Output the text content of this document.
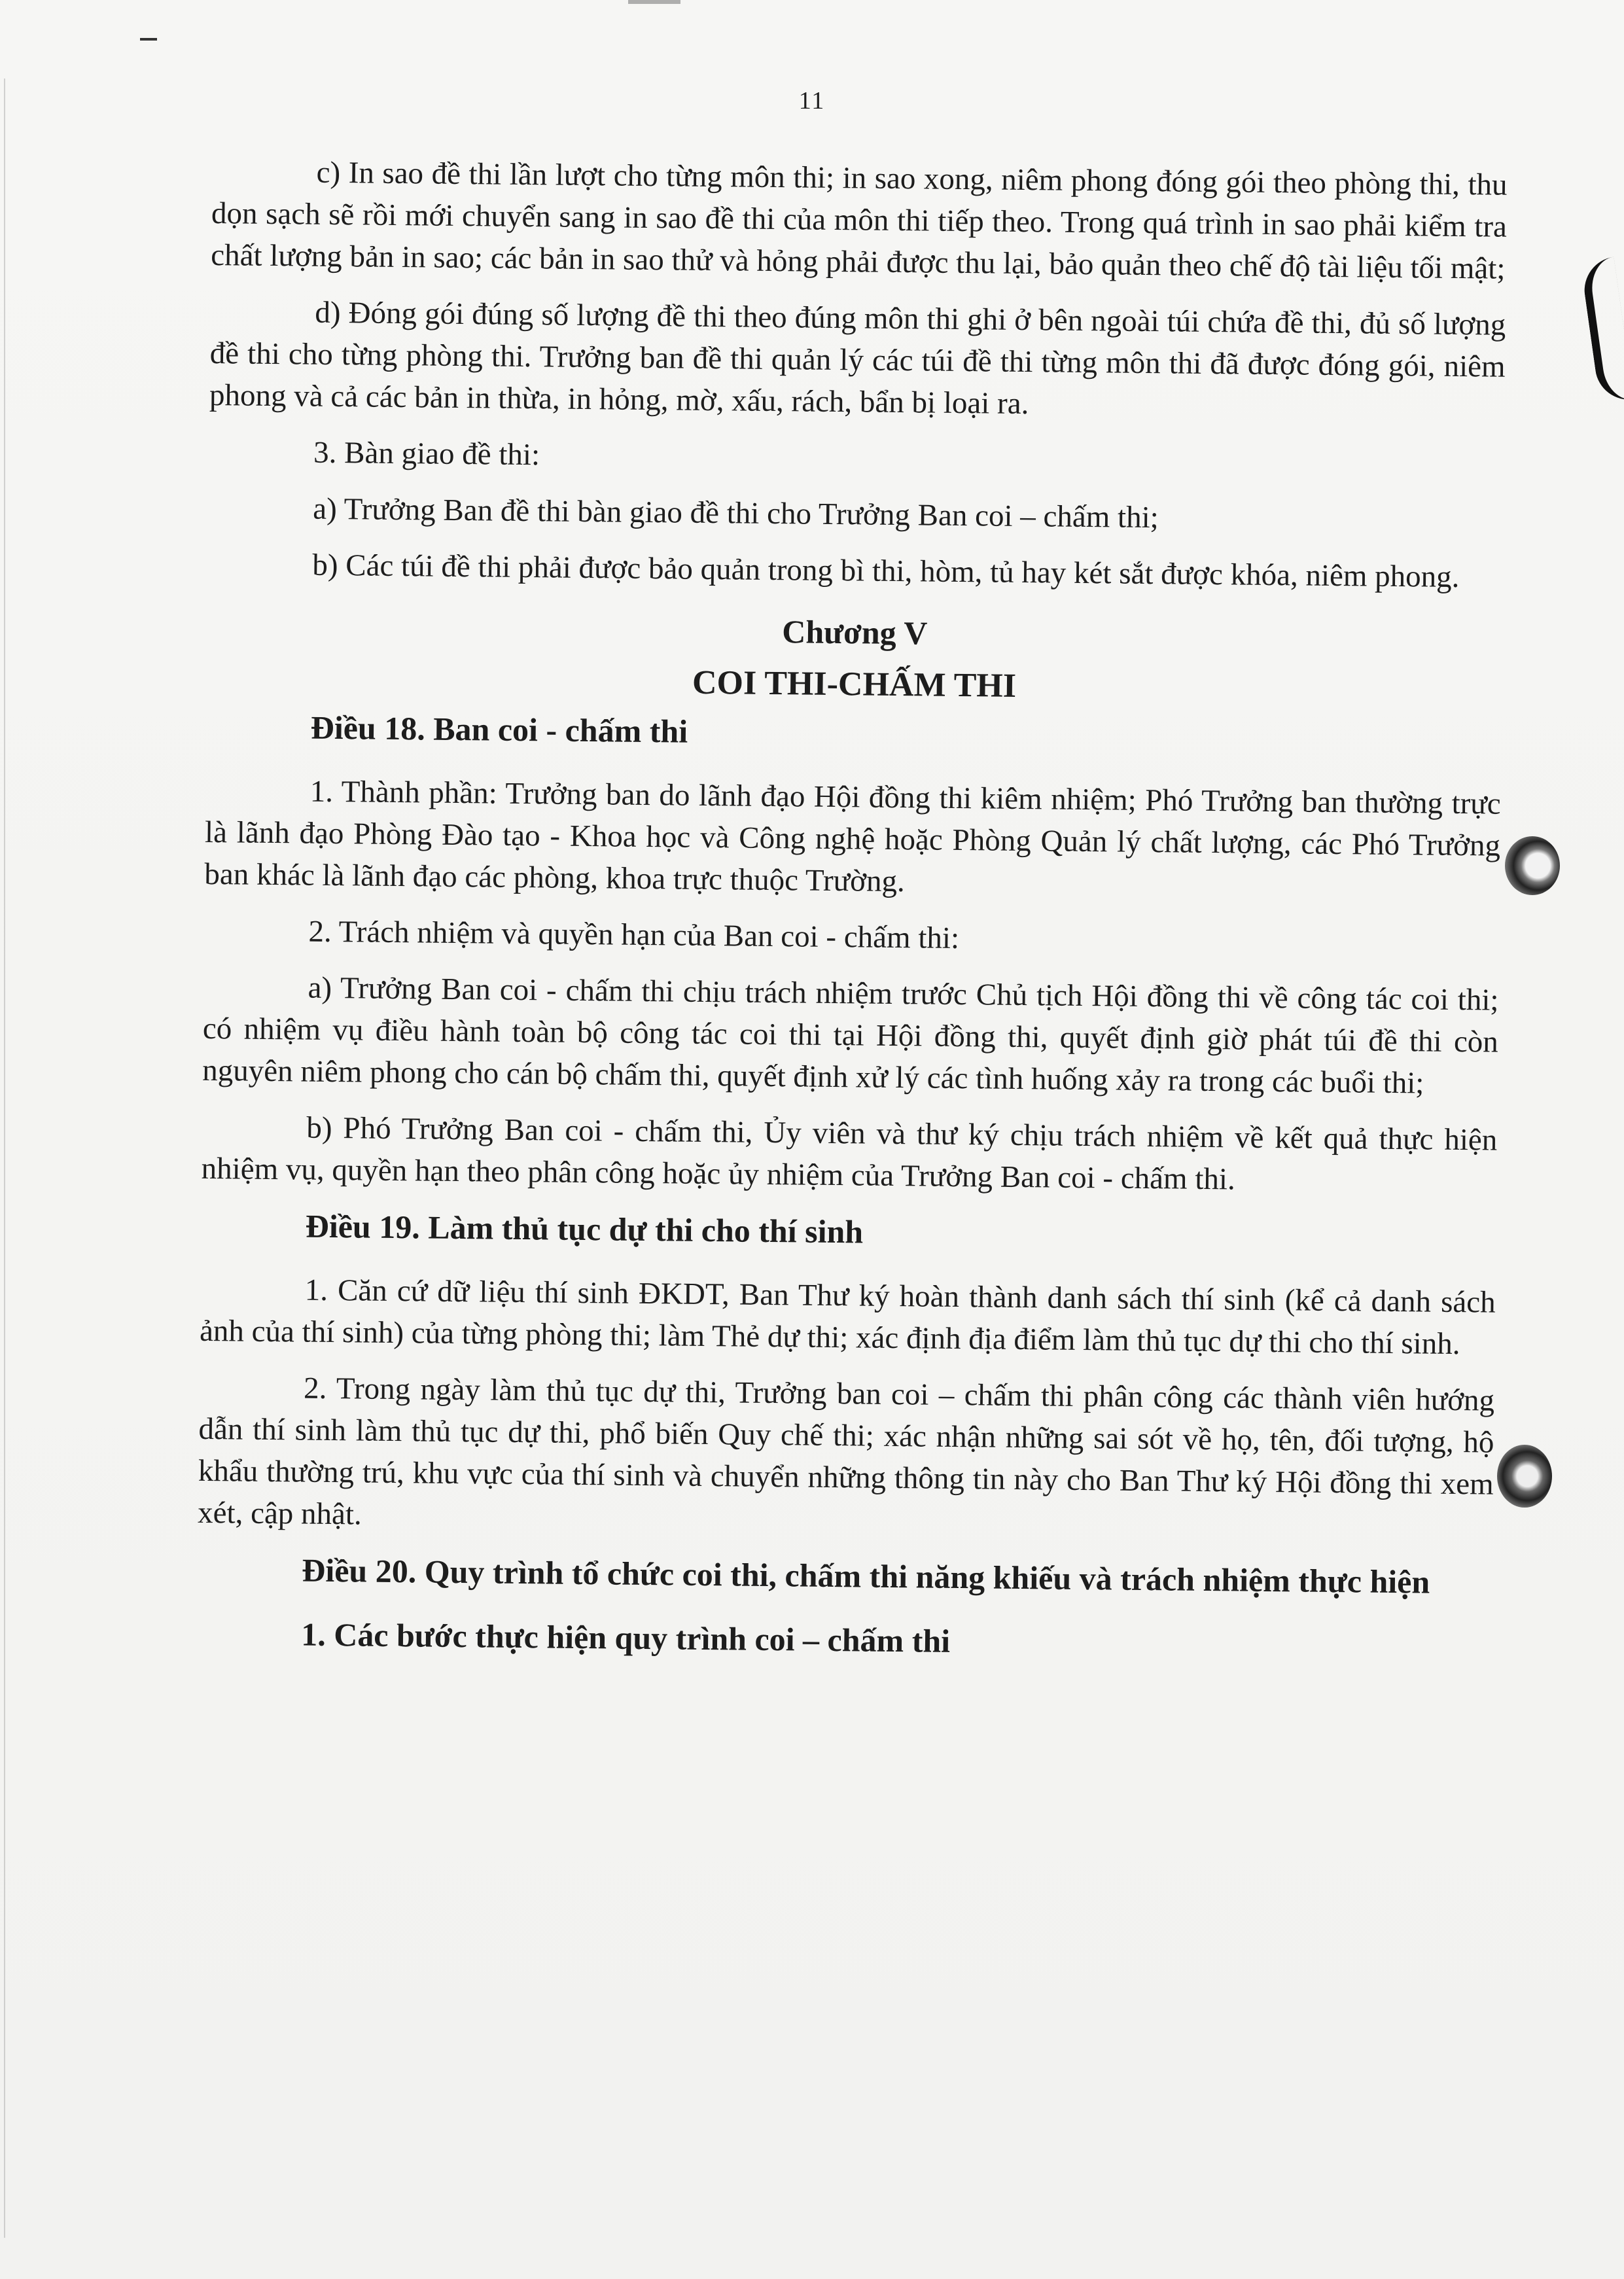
11

c) In sao đề thi lần lượt cho từng môn thi; in sao xong, niêm phong đóng gói theo phòng thi, thu dọn sạch sẽ rồi mới chuyển sang in sao đề thi của môn thi tiếp theo. Trong quá trình in sao phải kiểm tra chất lượng bản in sao; các bản in sao thử và hỏng phải được thu lại, bảo quản theo chế độ tài liệu tối mật;

d) Đóng gói đúng số lượng đề thi theo đúng môn thi ghi ở bên ngoài túi chứa đề thi, đủ số lượng đề thi cho từng phòng thi. Trưởng ban đề thi quản lý các túi đề thi từng môn thi đã được đóng gói, niêm phong và cả các bản in thừa, in hỏng, mờ, xấu, rách, bẩn bị loại ra.

3. Bàn giao đề thi:

a) Trưởng Ban đề thi bàn giao đề thi cho Trưởng Ban coi – chấm thi;

b) Các túi đề thi phải được bảo quản trong bì thi, hòm, tủ hay két sắt được khóa, niêm phong.

Chương V
COI THI-CHẤM THI

Điều 18. Ban coi - chấm thi

1. Thành phần: Trưởng ban do lãnh đạo Hội đồng thi kiêm nhiệm; Phó Trưởng ban thường trực là lãnh đạo Phòng Đào tạo - Khoa học và Công nghệ hoặc Phòng Quản lý chất lượng, các Phó Trưởng ban khác là lãnh đạo các phòng, khoa trực thuộc Trường.

2. Trách nhiệm và quyền hạn của Ban coi - chấm thi:

a) Trưởng Ban coi - chấm thi chịu trách nhiệm trước Chủ tịch Hội đồng thi về công tác coi thi; có nhiệm vụ điều hành toàn bộ công tác coi thi tại Hội đồng thi, quyết định giờ phát túi đề thi còn nguyên niêm phong cho cán bộ chấm thi, quyết định xử lý các tình huống xảy ra trong các buổi thi;

b) Phó Trưởng Ban coi - chấm thi, Ủy viên và thư ký chịu trách nhiệm về kết quả thực hiện nhiệm vụ, quyền hạn theo phân công hoặc ủy nhiệm của Trưởng Ban coi - chấm thi.

Điều 19. Làm thủ tục dự thi cho thí sinh

1. Căn cứ dữ liệu thí sinh ĐKDT, Ban Thư ký hoàn thành danh sách thí sinh (kể cả danh sách ảnh của thí sinh) của từng phòng thi; làm Thẻ dự thi; xác định địa điểm làm thủ tục dự thi cho thí sinh.

2. Trong ngày làm thủ tục dự thi, Trưởng ban coi – chấm thi phân công các thành viên hướng dẫn thí sinh làm thủ tục dự thi, phổ biến Quy chế thi; xác nhận những sai sót về họ, tên, đối tượng, hộ khẩu thường trú, khu vực của thí sinh và chuyển những thông tin này cho Ban Thư ký Hội đồng thi xem xét, cập nhật.

Điều 20. Quy trình tổ chức coi thi, chấm thi năng khiếu và trách nhiệm thực hiện

1. Các bước thực hiện quy trình coi – chấm thi
